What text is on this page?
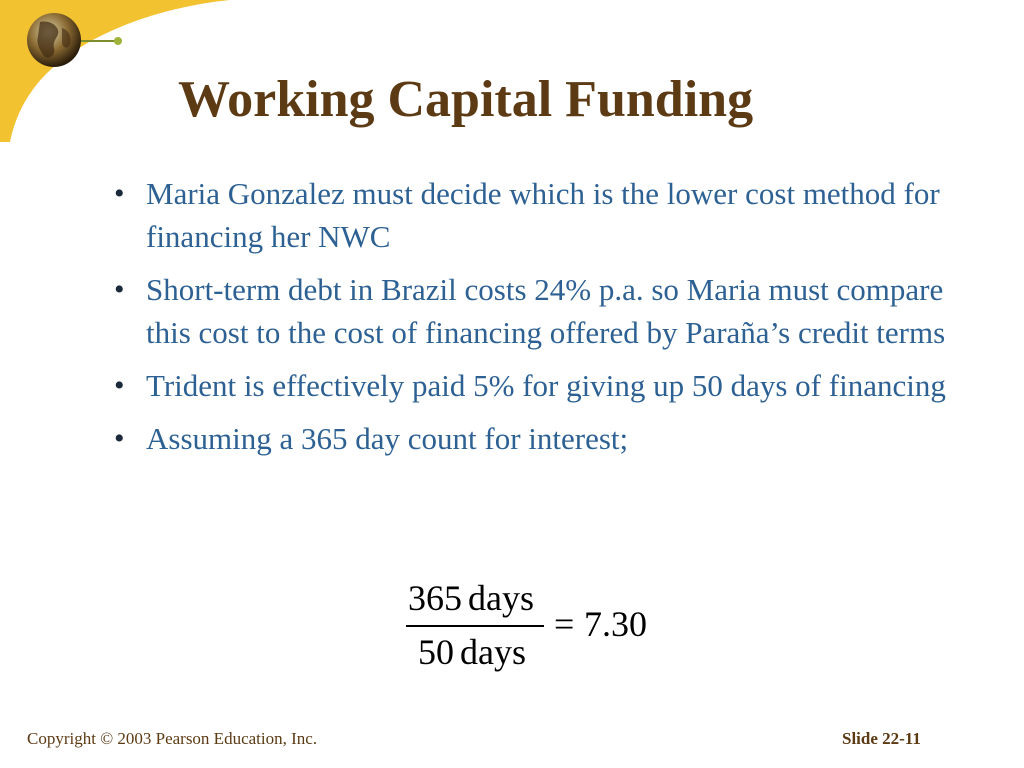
Working Capital Funding
• Maria Gonzalez must decide which is the lower cost method for financing her NWC
• Short-term debt in Brazil costs 24% p.a. so Maria must compare this cost to the cost of financing offered by Paraña’s credit terms
• Trident is effectively paid 5% for giving up 50 days of financing
• Assuming a 365 day count for interest;
365 days
50 days
= 7.30
Copyright © 2003 Pearson Education, Inc.	Slide 22-11
